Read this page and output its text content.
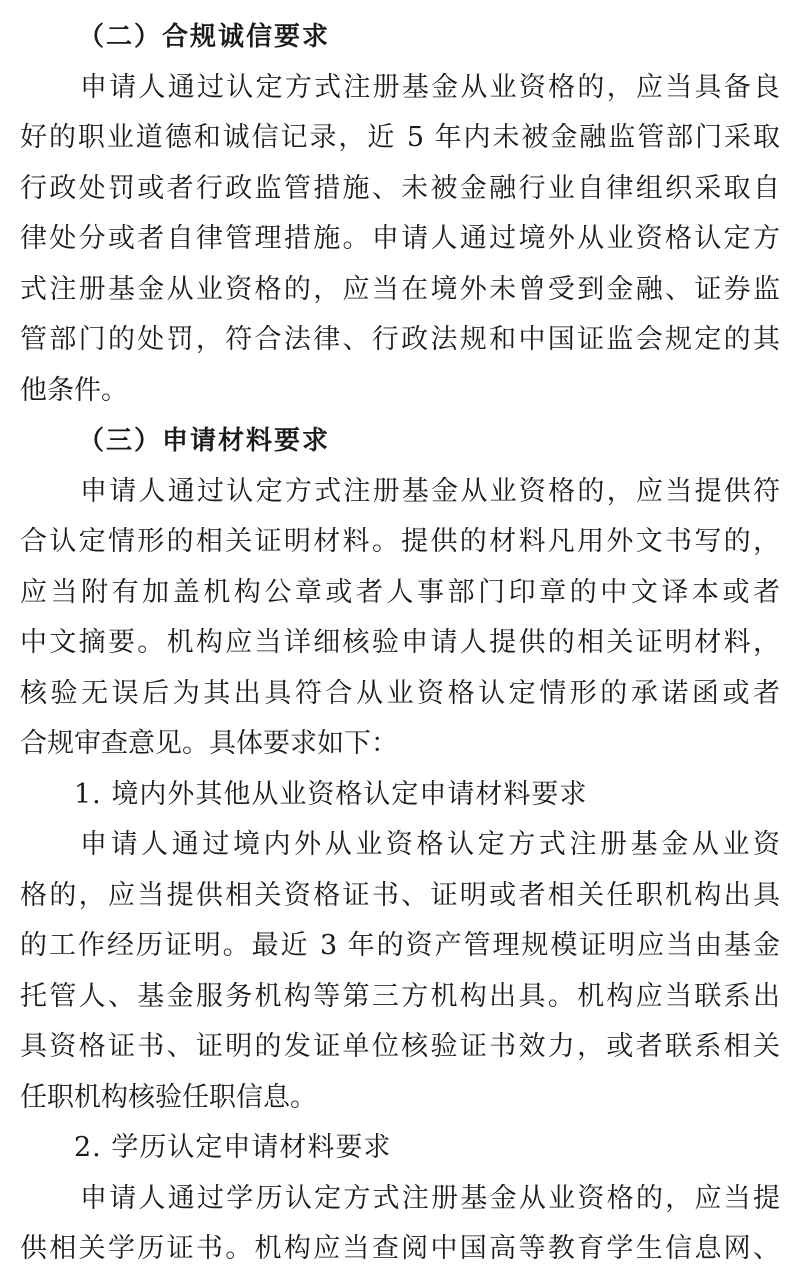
（二）合规诚信要求
申请人通过认定方式注册基金从业资格的，应当具备良
好的职业道德和诚信记录，近 5 年内未被金融监管部门采取
行政处罚或者行政监管措施、未被金融行业自律组织采取自
律处分或者自律管理措施。申请人通过境外从业资格认定方
式注册基金从业资格的，应当在境外未曾受到金融、证券监
管部门的处罚，符合法律、行政法规和中国证监会规定的其
他条件。
（三）申请材料要求
申请人通过认定方式注册基金从业资格的，应当提供符
合认定情形的相关证明材料。提供的材料凡用外文书写的，
应当附有加盖机构公章或者人事部门印章的中文译本或者
中文摘要。机构应当详细核验申请人提供的相关证明材料，
核验无误后为其出具符合从业资格认定情形的承诺函或者
合规审查意见。具体要求如下：
1. 境内外其他从业资格认定申请材料要求
申请人通过境内外从业资格认定方式注册基金从业资
格的，应当提供相关资格证书、证明或者相关任职机构出具
的工作经历证明。最近 3 年的资产管理规模证明应当由基金
托管人、基金服务机构等第三方机构出具。机构应当联系出
具资格证书、证明的发证单位核验证书效力，或者联系相关
任职机构核验任职信息。
2. 学历认定申请材料要求
申请人通过学历认定方式注册基金从业资格的，应当提
供相关学历证书。机构应当查阅中国高等教育学生信息网、
